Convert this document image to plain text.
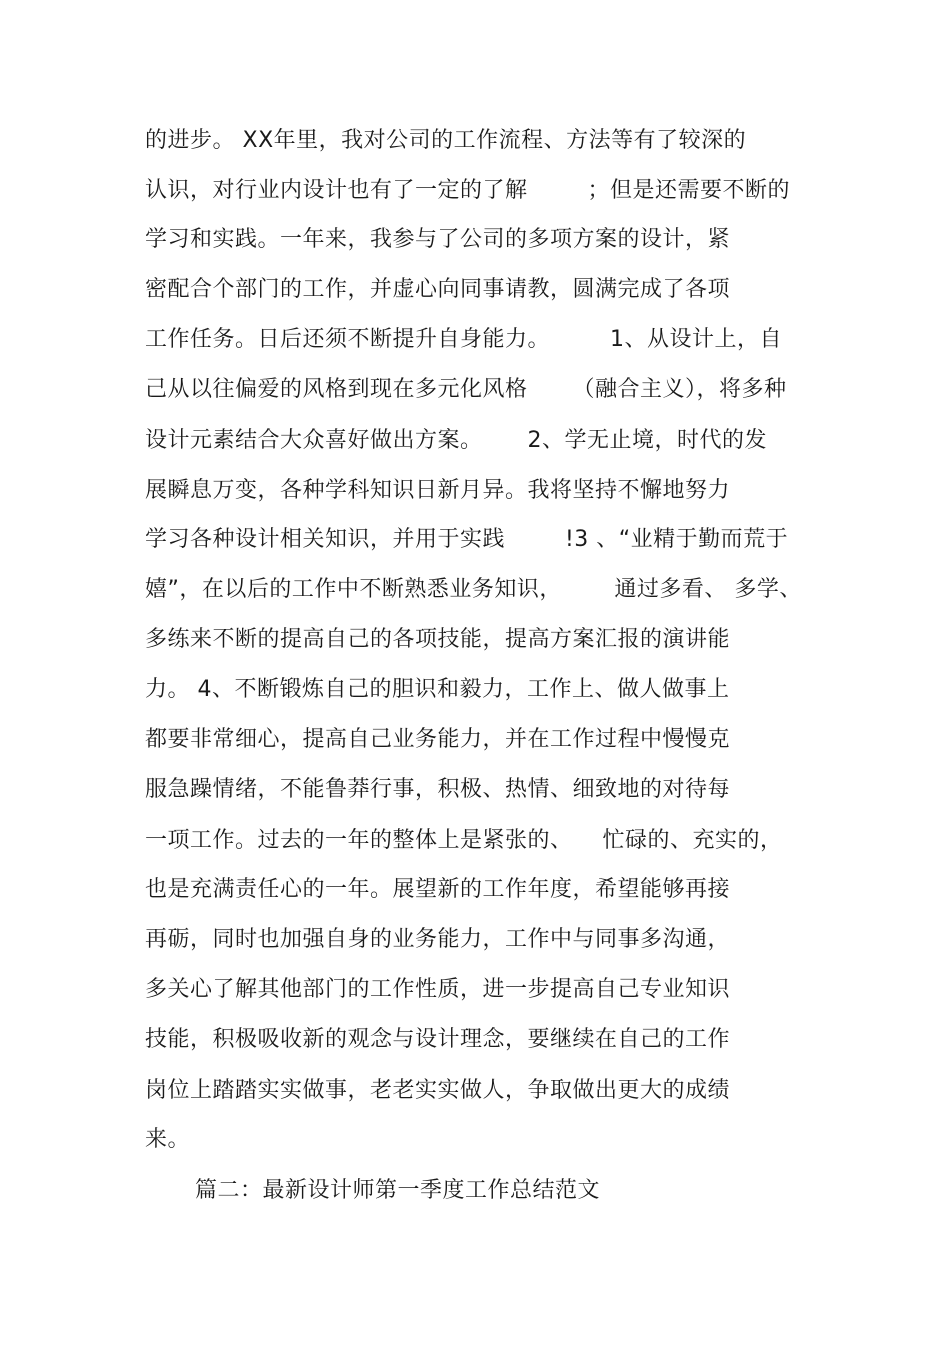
的进步。 XX年里，我对公司的工作流程、方法等有了较深的
认识，对行业内设计也有了一定的了解        ；但是还需要不断的
学习和实践。一年来，我参与了公司的多项方案的设计，紧
密配合个部门的工作，并虚心向同事请教，圆满完成了各项
工作任务。日后还须不断提升自身能力。        1、从设计上，自
己从以往偏爱的风格到现在多元化风格      （融合主义），将多种
设计元素结合大众喜好做出方案。      2、学无止境，时代的发
展瞬息万变，各种学科知识日新月异。我将坚持不懈地努力
学习各种设计相关知识，并用于实践        !3 、“业精于勤而荒于
嬉”，在以后的工作中不断熟悉业务知识，       通过多看、 多学、
多练来不断的提高自己的各项技能，提高方案汇报的演讲能
力。 4、不断锻炼自己的胆识和毅力，工作上、做人做事上
都要非常细心，提高自己业务能力，并在工作过程中慢慢克
服急躁情绪，不能鲁莽行事，积极、热情、细致地的对待每
一项工作。过去的一年的整体上是紧张的、    忙碌的、充实的，
也是充满责任心的一年。展望新的工作年度，希望能够再接
再砺，同时也加强自身的业务能力，工作中与同事多沟通，
多关心了解其他部门的工作性质，进一步提高自己专业知识
技能，积极吸收新的观念与设计理念，要继续在自己的工作
岗位上踏踏实实做事，老老实实做人，争取做出更大的成绩
来。
篇二：最新设计师第一季度工作总结范文
